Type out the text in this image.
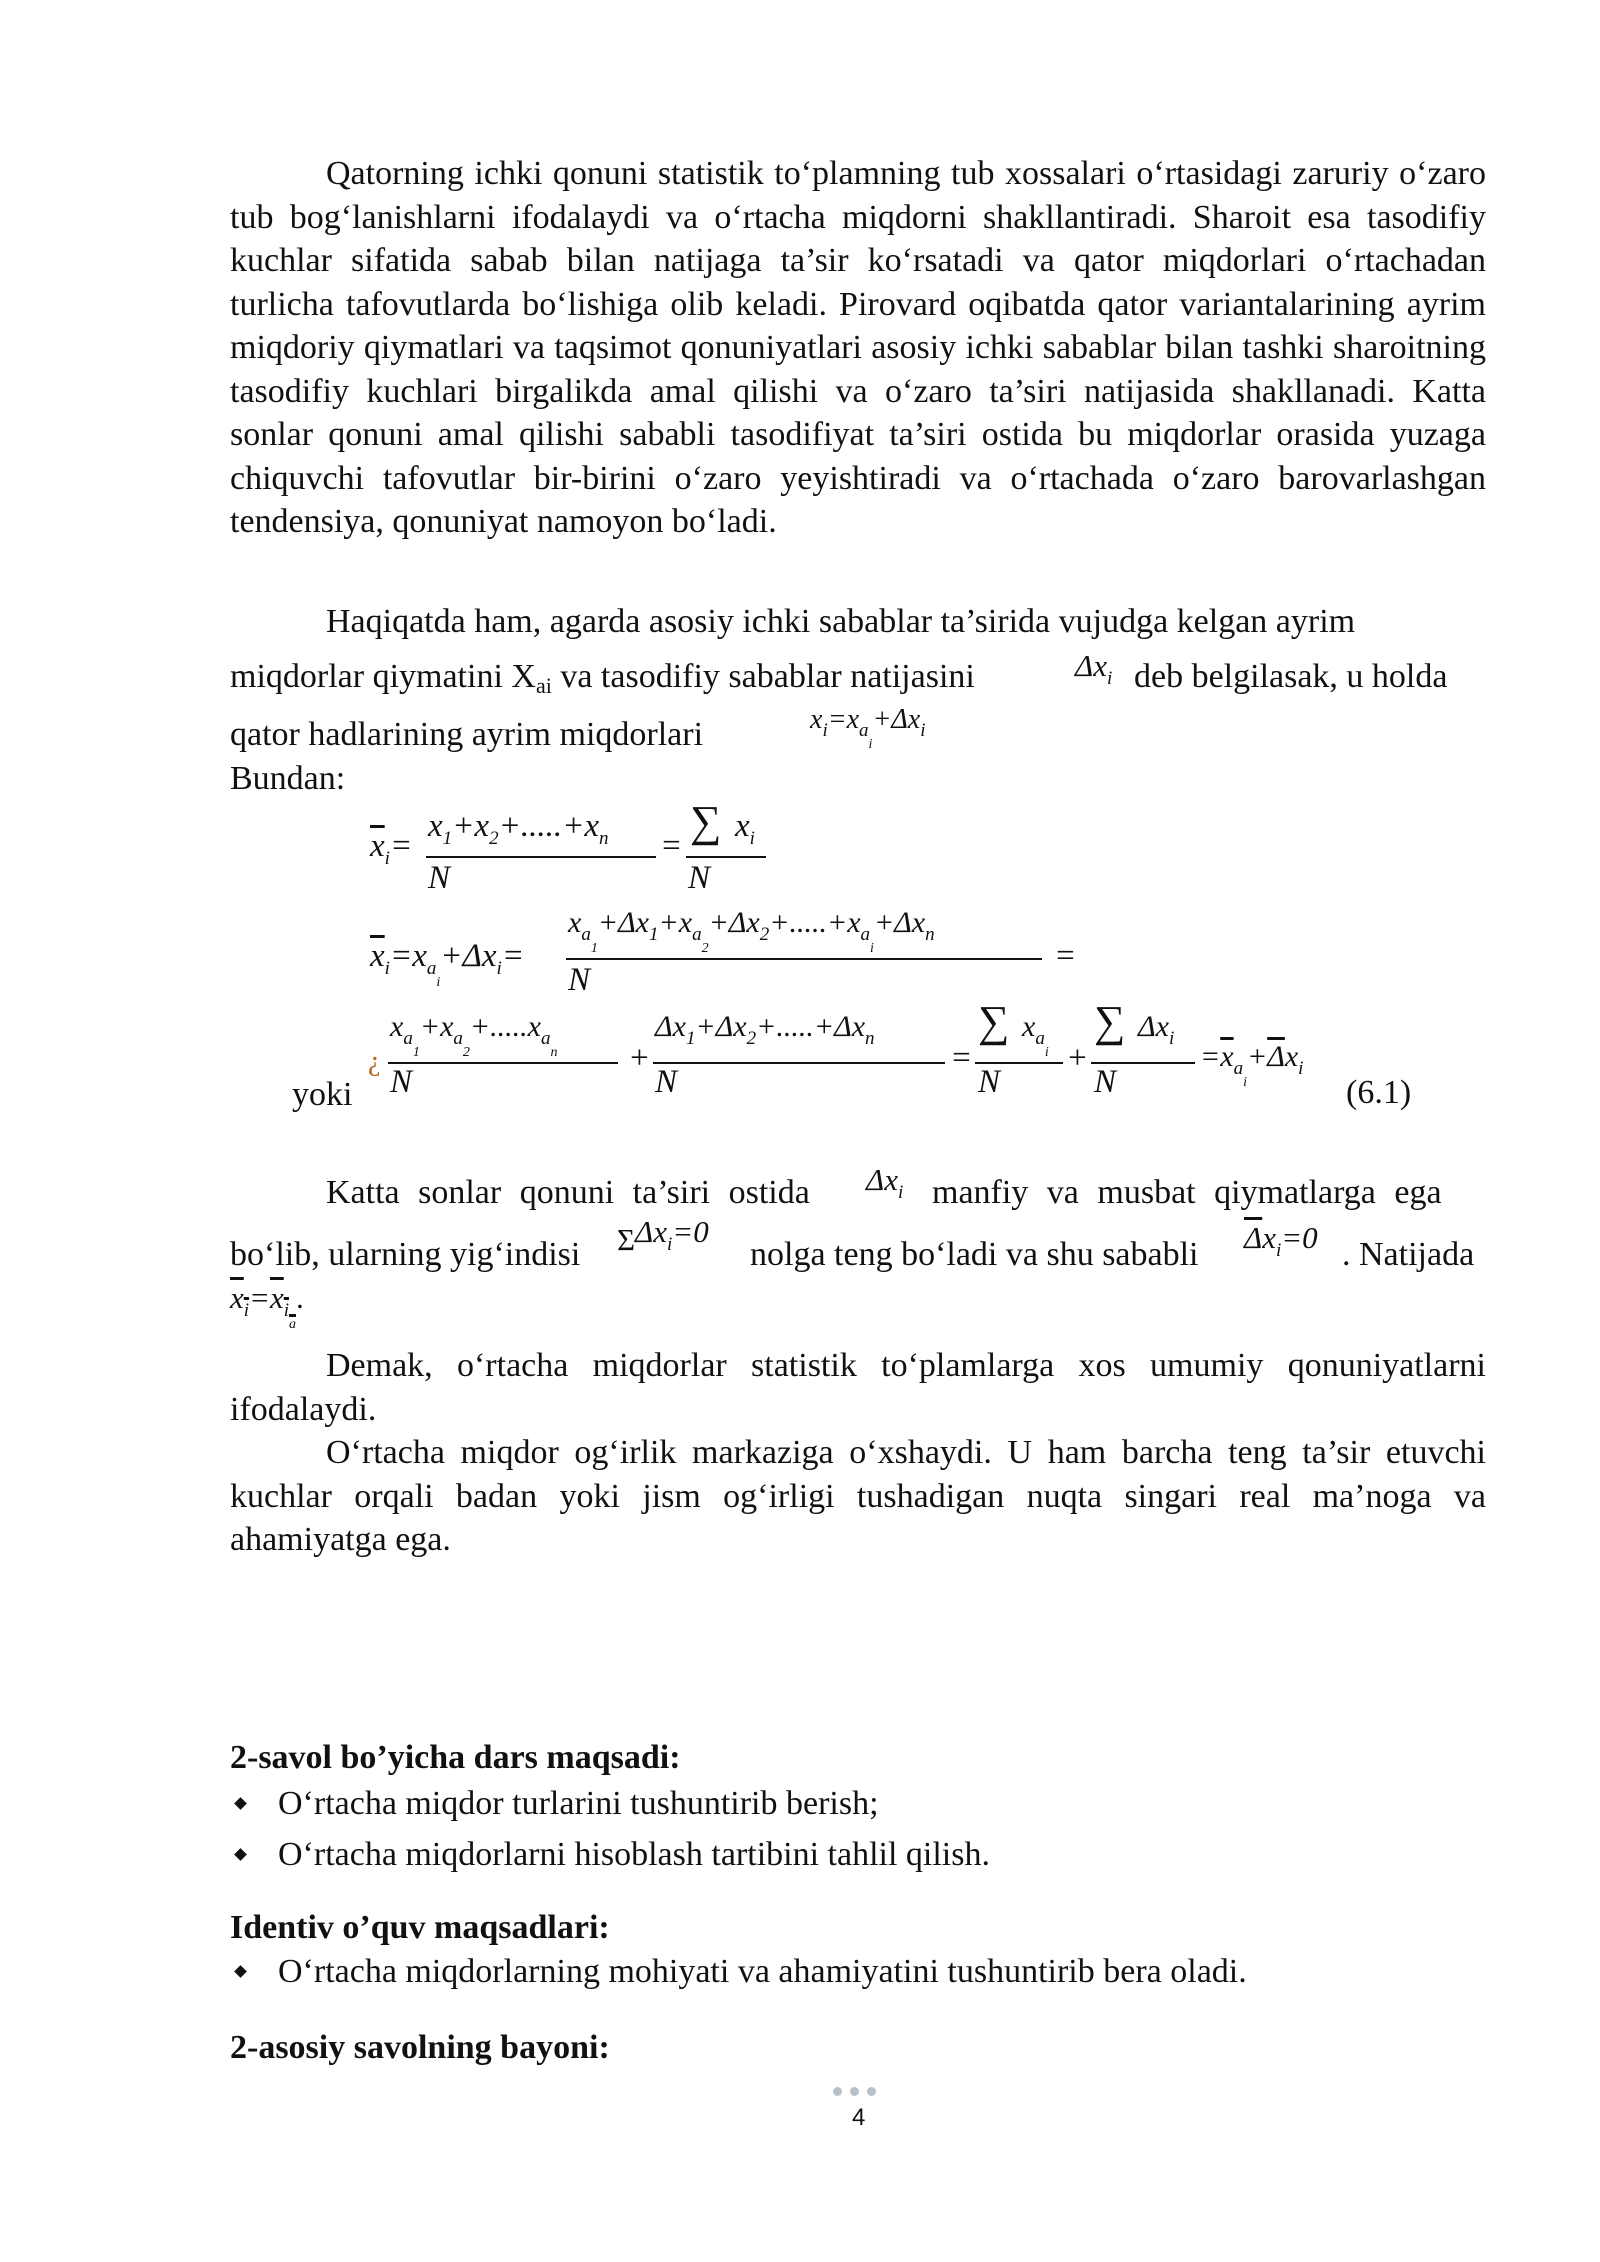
Qatorning ichki qonuni statistik to‘plamning tub xossalari o‘rtasidagi zaruriy o‘zaro tub bog‘lanishlarni ifodalaydi va o‘rtacha miqdorni shakllantiradi. Sharoit esa tasodifiy kuchlar sifatida sabab bilan natijaga ta’sir ko‘rsatadi va qator miqdorlari o‘rtachadan turlicha tafovutlarda bo‘lishiga olib keladi. Pirovard oqibatda qator variantalarining ayrim miqdoriy qiymatlari va taqsimot qonuniyatlari asosiy ichki sabablar bilan tashki sharoitning tasodifiy kuchlari birgalikda amal qilishi va o‘zaro ta’siri natijasida shakllanadi. Katta sonlar qonuni amal qilishi sababli tasodifiyat ta’siri ostida bu miqdorlar orasida yuzaga chiquvchi tafovutlar bir-birini o‘zaro yeyishtiradi va o‘rtachada o‘zaro barovarlashgan tendensiya, qonuniyat namoyon bo‘ladi.

Haqiqatda ham, agarda asosiy ichki sabablar ta’sirida vujudga kelgan ayrim

miqdorlar qiymatini Xai va tasodifiy sabablar natijasini	$\Delta x_i$ deb belgilasak, u holda
qator hadlarining ayrim miqdorlari	$x_i=x_{a_i}+\Delta x_i$
Bundan:
$\overline{x}_i=$
$x_1+x_2+.....+x_n$
N
= ∑ $x_i$
N
$\overline{x}_i=x_{a_i}+\Delta x_i=$
$x_{a_1}+\Delta x_1+x_{a_2}+\Delta x_2+.....+x_{a_i}+\Delta x_n$
N
=
yoki
¿
$x_{a_1}+x_{a_2}+.....x_{a_n}$
N
+
$\Delta x_1+\Delta x_2+.....+\Delta x_n$
N
=
∑ $x_{a_i}$
N
+
∑ $\Delta x_i$
N
$=\overline{x}_{a_i}+\overline{\Delta}x_i$
(6.1)
Katta sonlar qonuni ta’siri ostida $\Delta x_i$ manfiy va musbat qiymatlarga ega
bo‘lib, ularning yig‘indisi ΣΔx$_i$=0
nolga teng bo‘ladi va shu sababli $\overline{\Delta}x_i=0$ . Natijada
$x_i=x_{i_a}$.

Demak, o‘rtacha miqdorlar statistik to‘plamlarga xos umumiy qonuniyatlarni ifodalaydi.

O‘rtacha miqdor og‘irlik markaziga o‘xshaydi. U ham barcha teng ta’sir etuvchi kuchlar orqali badan yoki jism og‘irligi tushadigan nuqta singari real ma’noga va ahamiyatga ega.

2-savol bo’yicha dars maqsadi:
O‘rtacha miqdor turlarini tushuntirib berish;
O‘rtacha miqdorlarni hisoblash tartibini tahlil qilish.
Identiv o’quv maqsadlari:
O‘rtacha miqdorlarning mohiyati va ahamiyatini tushuntirib bera oladi.
2-asosiy savolning bayoni:
4
